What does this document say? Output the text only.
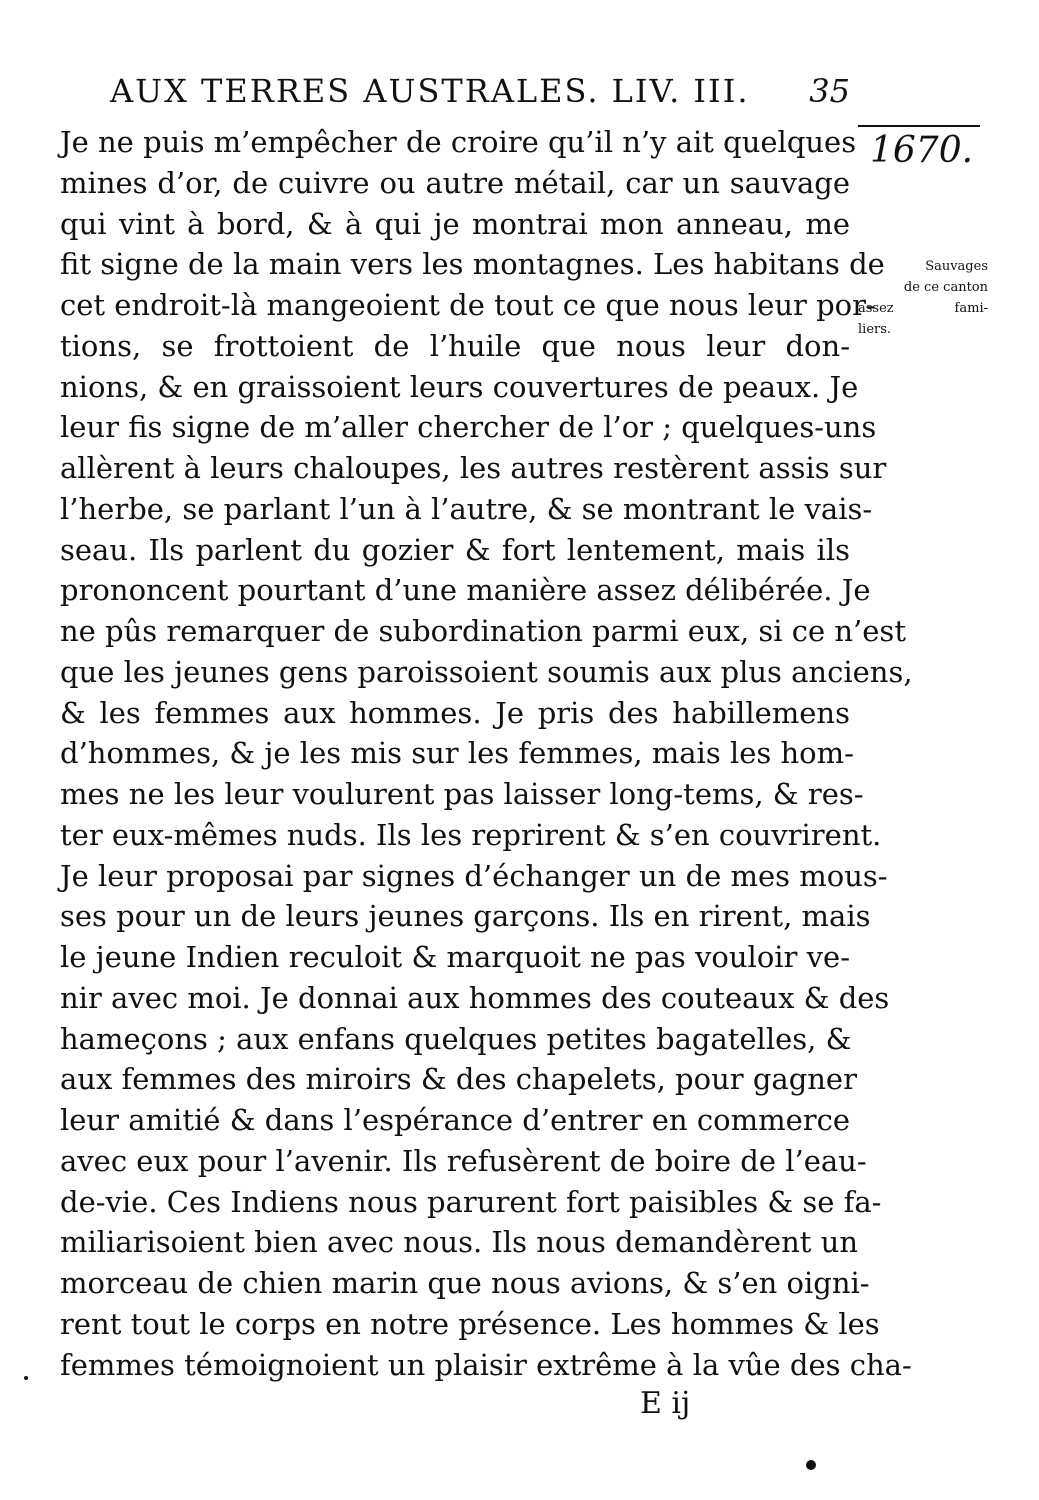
AUX TERRES AUSTRALES. LIV. III. 35
1670.
Sauvages
de ce canton
assez fami-
liers.
Je ne puis m’empêcher de croire qu’il n’y ait quelques
mines d’or, de cuivre ou autre métail, car un sauvage
qui vint à bord, & à qui je montrai mon anneau, me
fit signe de la main vers les montagnes. Les habitans de
cet endroit-là mangeoient de tout ce que nous leur por-
tions, se frottoient de l’huile que nous leur don-
nions, & en graissoient leurs couvertures de peaux. Je
leur fis signe de m’aller chercher de l’or ; quelques-uns
allèrent à leurs chaloupes, les autres restèrent assis sur
l’herbe, se parlant l’un à l’autre, & se montrant le vais-
seau. Ils parlent du gozier & fort lentement, mais ils
prononcent pourtant d’une manière assez délibérée. Je
ne pûs remarquer de subordination parmi eux, si ce n’est
que les jeunes gens paroissoient soumis aux plus anciens,
& les femmes aux hommes. Je pris des habillemens
d’hommes, & je les mis sur les femmes, mais les hom-
mes ne les leur voulurent pas laisser long-tems, & res-
ter eux-mêmes nuds. Ils les reprirent & s’en couvrirent.
Je leur proposai par signes d’échanger un de mes mous-
ses pour un de leurs jeunes garçons. Ils en rirent, mais
le jeune Indien reculoit & marquoit ne pas vouloir ve-
nir avec moi. Je donnai aux hommes des couteaux & des
hameçons ; aux enfans quelques petites bagatelles, &
aux femmes des miroirs & des chapelets, pour gagner
leur amitié & dans l’espérance d’entrer en commerce
avec eux pour l’avenir. Ils refusèrent de boire de l’eau-
de-vie. Ces Indiens nous parurent fort paisibles & se fa-
miliarisoient bien avec nous. Ils nous demandèrent un
morceau de chien marin que nous avions, & s’en oigni-
rent tout le corps en notre présence. Les hommes & les
femmes témoignoient un plaisir extrême à la vûe des cha-
E ij
